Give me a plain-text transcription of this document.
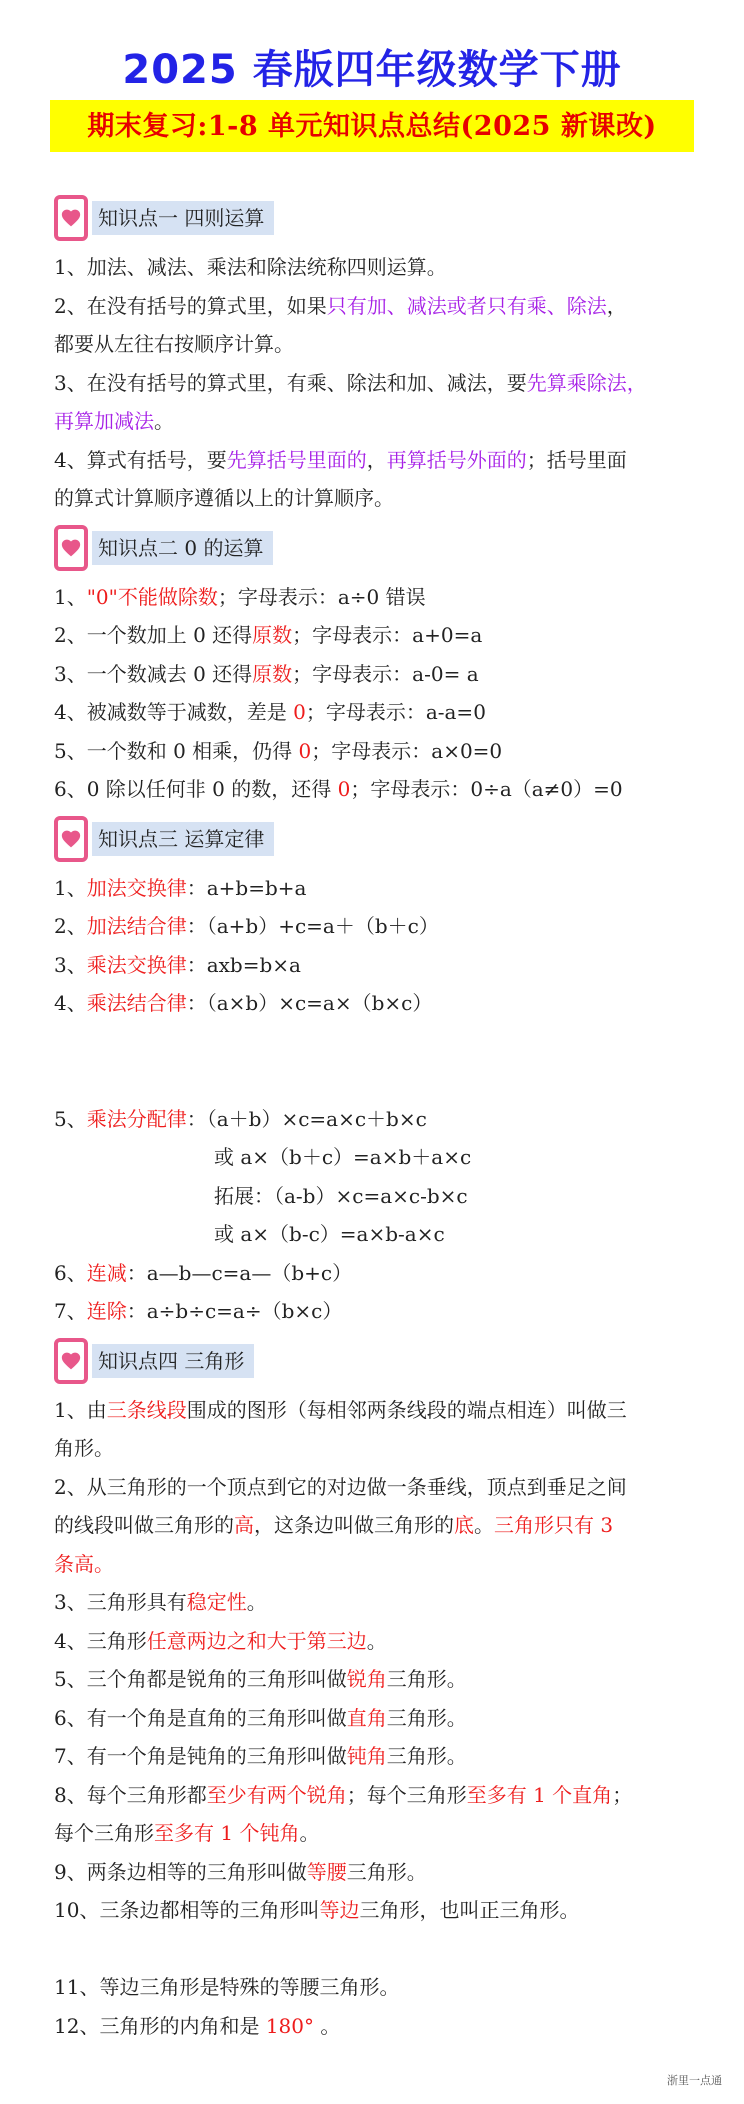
2025 春版四年级数学下册
期末复习:1-8 单元知识点总结(2025 新课改)
知识点一 四则运算
1、加法、减法、乘法和除法统称四则运算。
2、在没有括号的算式里，如果只有加、减法或者只有乘、除法，
都要从左往右按顺序计算。
3、在没有括号的算式里，有乘、除法和加、减法，要先算乘除法，
再算加减法。
4、算式有括号，要先算括号里面的，再算括号外面的；括号里面
的算式计算顺序遵循以上的计算顺序。
知识点二 0 的运算
1、"0"不能做除数；字母表示：a÷0 错误
2、一个数加上 0 还得原数；字母表示：a+0=a
3、一个数减去 0 还得原数；字母表示：a-0= a
4、被减数等于减数，差是 0；字母表示：a-a=0
5、一个数和 0 相乘，仍得 0；字母表示：a×0=0
6、0 除以任何非 0 的数，还得 0；字母表示：0÷a（a≠0）=0
知识点三 运算定律
1、加法交换律：a+b=b+a
2、加法结合律：（a+b）+c=a＋（b＋c）
3、乘法交换律：axb=b×a
4、乘法结合律：（a×b）×c=a×（b×c）
5、乘法分配律：（a＋b）×c=a×c＋b×c
或 a×（b＋c）=a×b＋a×c
拓展：（a-b）×c=a×c-b×c
或 a×（b-c）=a×b-a×c
6、连减：a—b—c=a—（b+c）
7、连除：a÷b÷c=a÷（b×c）
知识点四 三角形
1、由三条线段围成的图形（每相邻两条线段的端点相连）叫做三
角形。
2、从三角形的一个顶点到它的对边做一条垂线，顶点到垂足之间
的线段叫做三角形的高，这条边叫做三角形的底。三角形只有 3
条高。
3、三角形具有稳定性。
4、三角形任意两边之和大于第三边。
5、三个角都是锐角的三角形叫做锐角三角形。
6、有一个角是直角的三角形叫做直角三角形。
7、有一个角是钝角的三角形叫做钝角三角形。
8、每个三角形都至少有两个锐角；每个三角形至多有 1 个直角；
每个三角形至多有 1 个钝角。
9、两条边相等的三角形叫做等腰三角形。
10、三条边都相等的三角形叫等边三角形，也叫正三角形。
11、等边三角形是特殊的等腰三角形。
12、三角形的内角和是 180° 。
浙里一点通
